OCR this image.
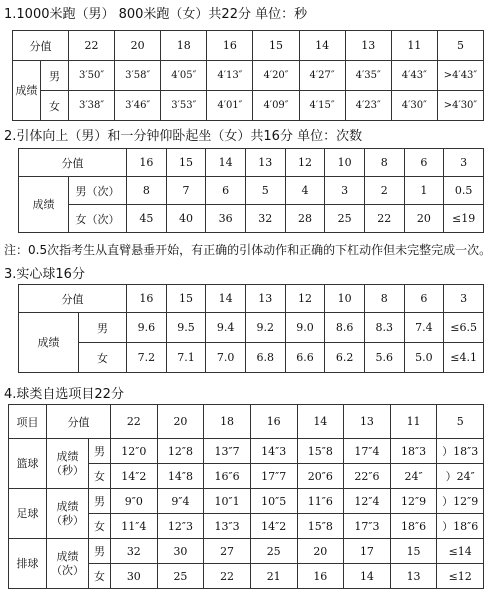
1.1000米跑（男） 800米跑（女）共22分 单位：秒
分值		22	20	18	16	15	14	13	11	5
成绩	男	3′50″	3′58″	4′05″	4′13″	4′20″	4′27″	4′35″	4′43″	>4′43″
	女	3′38″	3′46″	3′53″	4′01″	4′09″	4′15″	4′23″	4′30″	>4′30″
2.引体向上（男）和一分钟仰卧起坐（女）共16分 单位：次数
分值		16	15	14	13	12	10	8	6	3
成绩	男（次）	8	7	6	5	4	3	2	1	0.5
	女（次）	45	40	36	32	28	25	22	20	≤19
注：0.5次指考生从直臂悬垂开始，有正确的引体动作和正确的下杠动作但未完整完成一次。
3.实心球16分
分值		16	15	14	13	12	10	8	6	3
成绩	男	9.6	9.5	9.4	9.2	9.0	8.6	8.3	7.4	≤6.5
	女	7.2	7.1	7.0	6.8	6.6	6.2	5.6	5.0	≤4.1
4.球类自选项目22分
项目	分值		22	20	18	16	14	13	11	5
篮球	成绩（秒）	男	12″0	12″8	13″7	14″3	15″8	17″4	18″3	）18″3
		女	14″2	14″8	16″6	17″7	20″6	22″6	24″	）24″
足球	成绩（秒）	男	9″0	9″4	10″1	10″5	11″6	12″4	12″9	）12″9
		女	11″4	12″3	13″3	14″2	15″8	17″3	18″6	）18″6
排球	成绩（次）	男	32	30	27	25	20	17	15	≤14
		女	30	25	22	21	16	14	13	≤12
